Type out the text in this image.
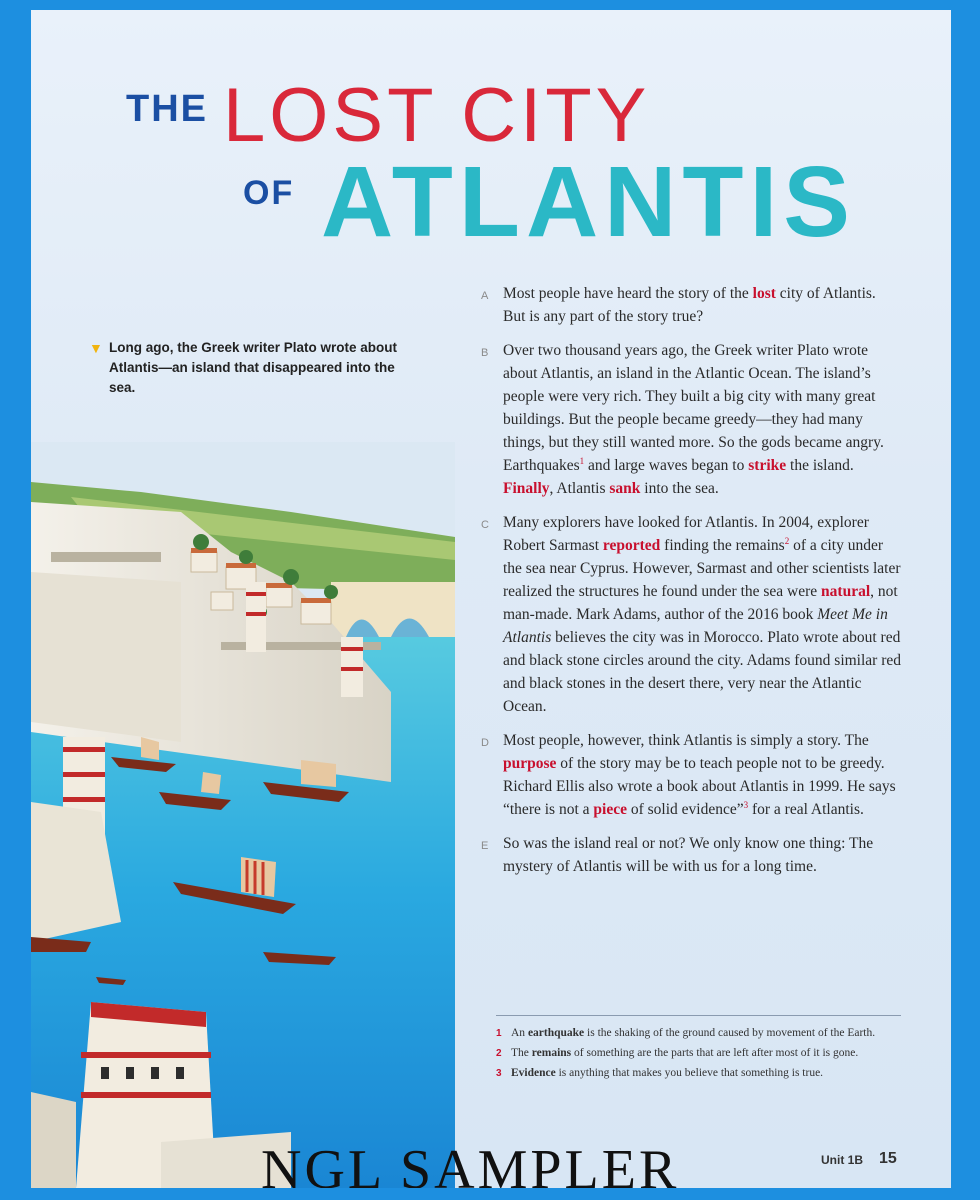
THE LOST CITY
OF ATLANTIS
▼ Long ago, the Greek writer Plato wrote about Atlantis—an island that disappeared into the sea.

A Most people have heard the story of the lost city of Atlantis. But is any part of the story true?

B Over two thousand years ago, the Greek writer Plato wrote about Atlantis, an island in the Atlantic Ocean. The island’s people were very rich. They built a big city with many great buildings. But the people became greedy—they had many things, but they still wanted more. So the gods became angry. Earthquakes$^1$ and large waves began to strike the island. Finally, Atlantis sank into the sea.

C Many explorers have looked for Atlantis. In 2004, explorer Robert Sarmast reported finding the remains$^2$ of a city under the sea near Cyprus. However, Sarmast and other scientists later realized the structures he found under the sea were natural, not man-made. Mark Adams, author of the 2016 book Meet Me in Atlantis believes the city was in Morocco. Plato wrote about red and black stone circles around the city. Adams found similar red and black stones in the desert there, very near the Atlantic Ocean.

D Most people, however, think Atlantis is simply a story. The purpose of the story may be to teach people not to be greedy. Richard Ellis also wrote a book about Atlantis in 1999. He says “there is not a piece of solid evidence”$^3$ for a real Atlantis.

E So was the island real or not? We only know one thing: The mystery of Atlantis will be with us for a long time.

1 An earthquake is the shaking of the ground caused by movement of the Earth.
2 The remains of something are the parts that are left after most of it is gone.
3 Evidence is anything that makes you believe that something is true.
NGL SAMPLER	Unit 1B 15
